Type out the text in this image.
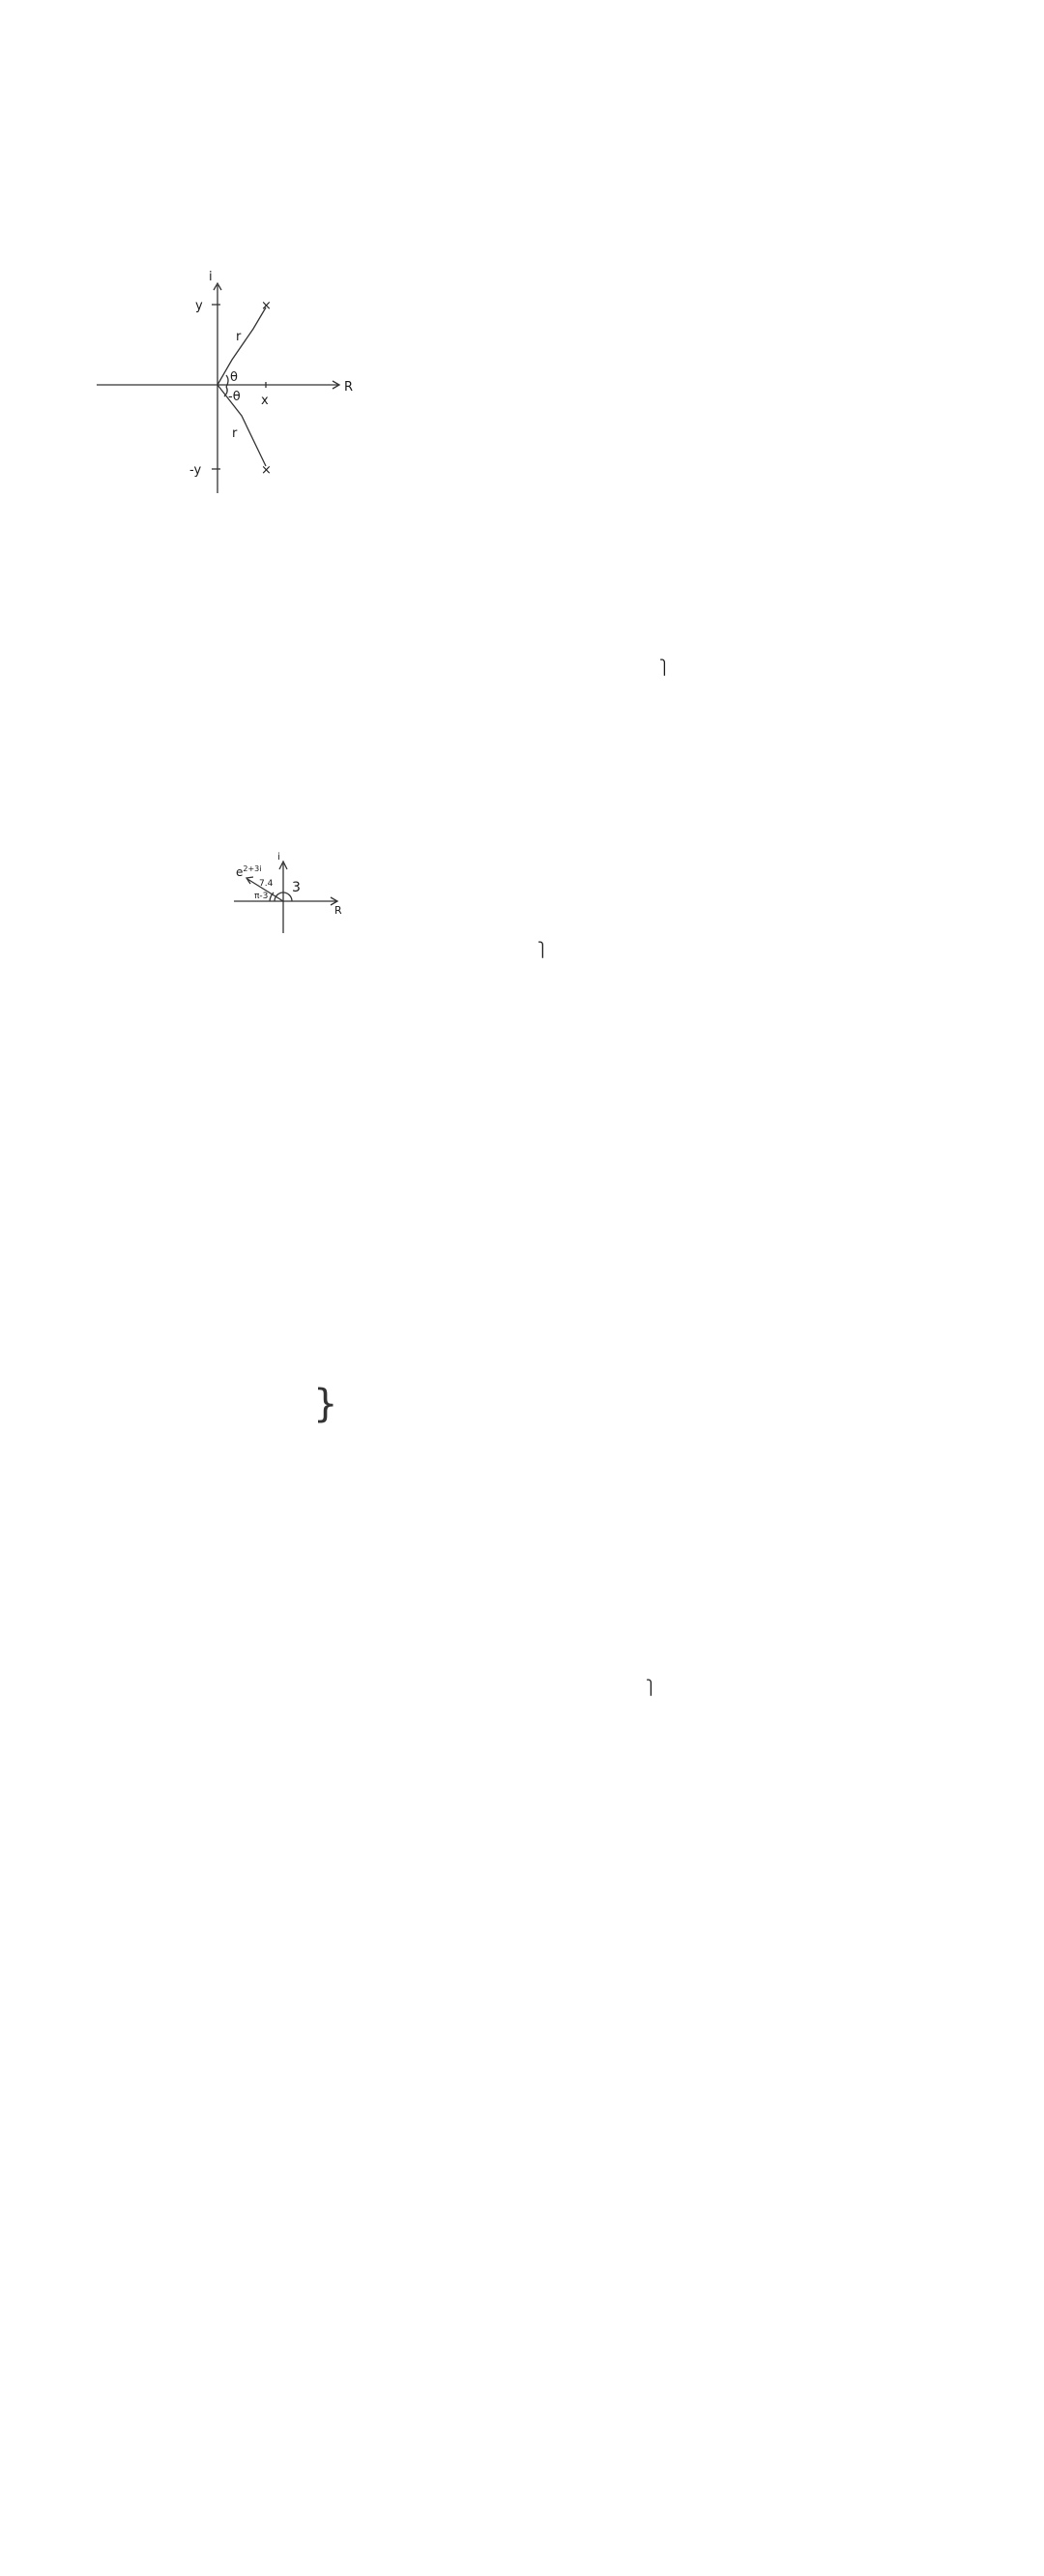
i
R
y
-y
x
×
×
r
r
θ
-θ
⎫
$e^{2+3i}$
7.4 3
π-3
i
R
⎫
}
⎫
